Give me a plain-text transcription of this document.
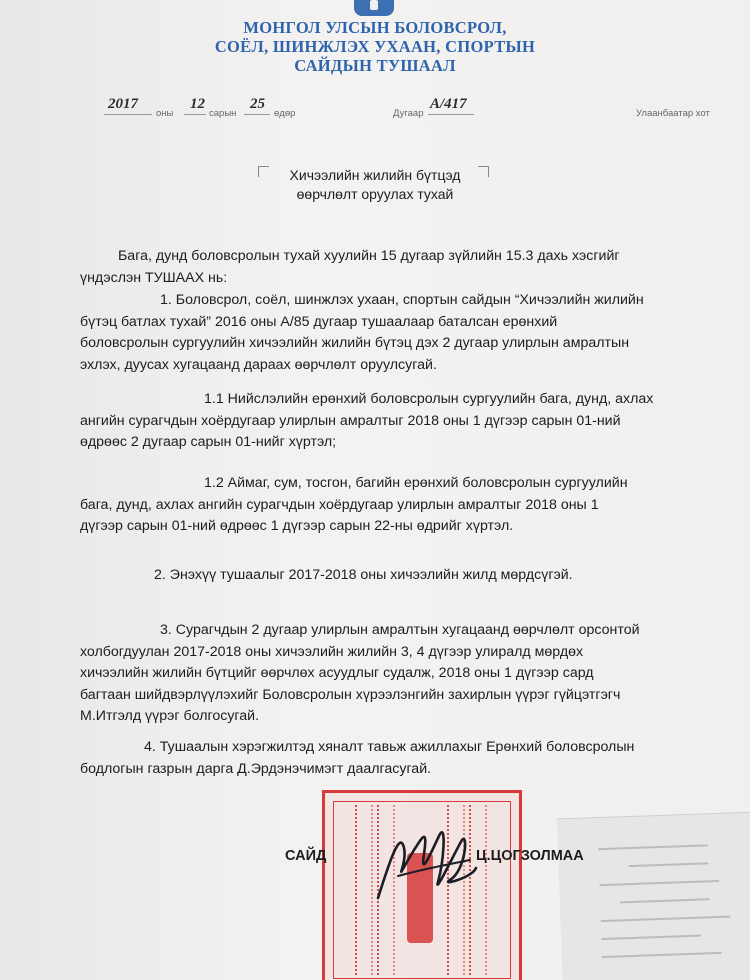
МОНГОЛ УЛСЫН БОЛОВСРОЛ,
СОЁЛ, ШИНЖЛЭХ УХААН, СПОРТЫН
САЙДЫН ТУШААЛ
2017
оны
12
сарын
25
өдөр	Дугаар
А/417
Улаанбаатар хот
Хичээлийн жилийн бүтцэд
өөрчлөлт оруулах тухай
Бага, дунд боловсролын тухай хуулийн 15 дугаар зүйлийн 15.3 дахь хэсгийг
үндэслэн ТУШААХ нь:
1. Боловсрол, соёл, шинжлэх ухаан, спортын сайдын “Хичээлийн жилийн
бүтэц батлах тухай” 2016 оны А/85 дугаар тушаалаар баталсан ерөнхий
боловсролын сургуулийн хичээлийн жилийн бүтэц дэх 2 дугаар улирлын амралтын
эхлэх, дуусах хугацаанд дараах өөрчлөлт оруулсугай.
1.1 Нийслэлийн ерөнхий боловсролын сургуулийн бага, дунд, ахлах
ангийн сурагчдын хоёрдугаар улирлын амралтыг 2018 оны 1 дүгээр сарын 01-ний
өдрөөс 2 дугаар сарын 01-нийг хүртэл;
1.2 Аймаг, сум, тосгон, багийн ерөнхий боловсролын сургуулийн
бага, дунд, ахлах ангийн сурагчдын хоёрдугаар улирлын амралтыг 2018 оны 1
дүгээр сарын 01-ний өдрөөс 1 дүгээр сарын 22-ны өдрийг хүртэл.
2. Энэхүү тушаалыг 2017-2018 оны хичээлийн жилд мөрдсүгэй.
3. Сурагчдын 2 дугаар улирлын амралтын хугацаанд өөрчлөлт орсонтой
холбогдуулан 2017-2018 оны хичээлийн жилийн 3, 4 дүгээр улиралд мөрдөх
хичээлийн жилийн бүтцийг өөрчлөх асуудлыг судалж, 2018 оны 1 дүгээр сард
багтаан шийдвэрлүүлэхийг Боловсролын хүрээлэнгийн захирлын үүрэг гүйцэтгэгч
М.Итгэлд үүрэг болгосугай.
4. Тушаалын хэрэгжилтэд хяналт тавьж ажиллахыг Ерөнхий боловсролын
бодлогын газрын дарга Д.Эрдэнэчимэгт даалгасугай.
САЙД	Ц.ЦОГЗОЛМАА
